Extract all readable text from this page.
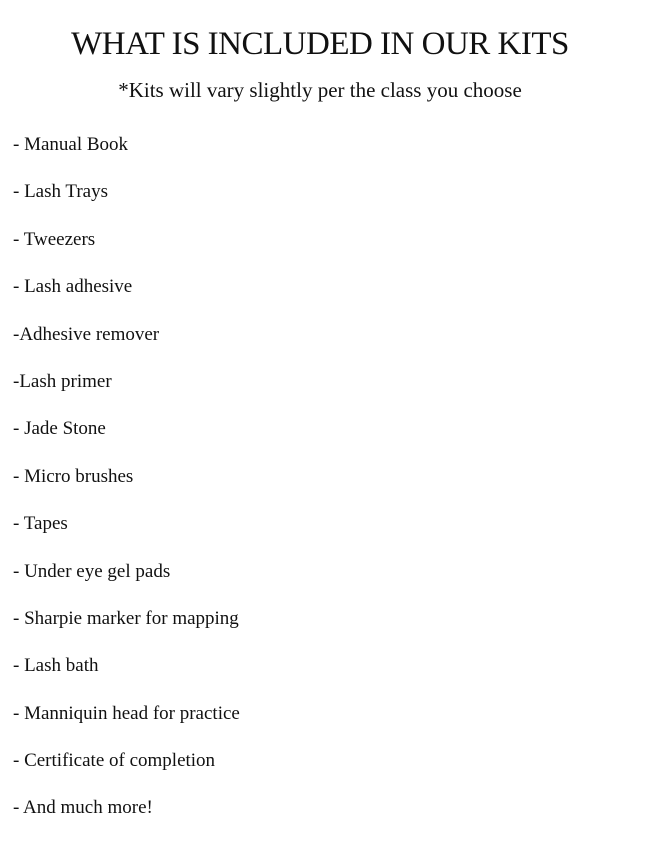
WHAT IS INCLUDED IN OUR KITS

*Kits will vary slightly per the class you choose

- Manual Book
- Lash Trays
- Tweezers
- Lash adhesive
-Adhesive remover
-Lash primer
- Jade Stone
- Micro brushes
- Tapes
- Under eye gel pads
- Sharpie marker for mapping
- Lash bath
- Manniquin head for practice
- Certificate of completion
- And much more!
